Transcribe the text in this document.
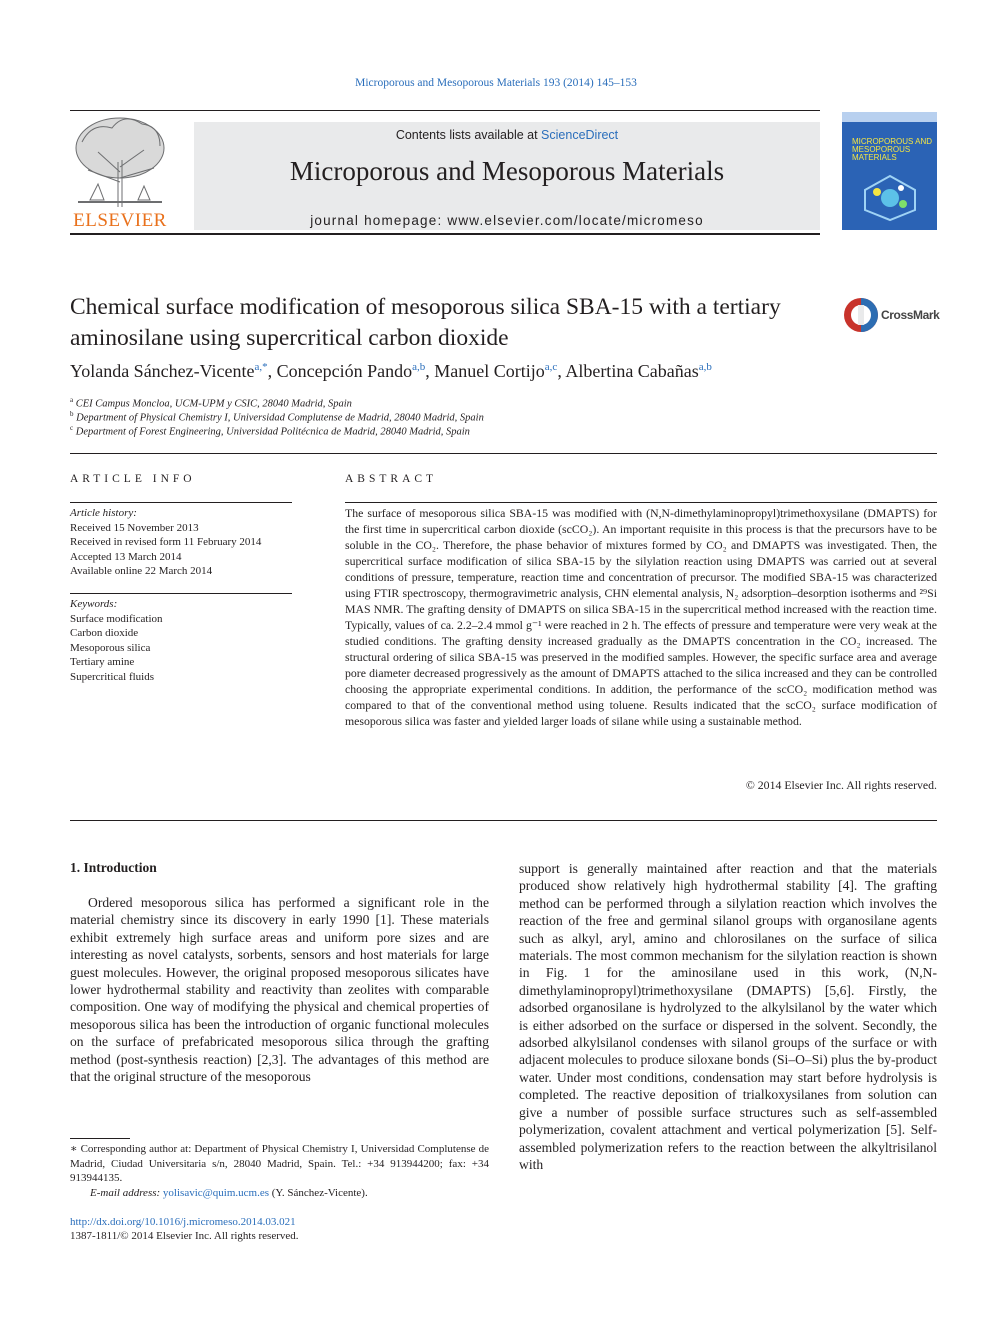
Microporous and Mesoporous Materials 193 (2014) 145–153
ELSEVIER
Contents lists available at ScienceDirect
Microporous and Mesoporous Materials
journal homepage: www.elsevier.com/locate/micromeso
MICROPOROUS AND MESOPOROUS MATERIALS
Chemical surface modification of mesoporous silica SBA-15 with a tertiary aminosilane using supercritical carbon dioxide
CrossMark
Yolanda Sánchez-Vicente$^{a,*}$, Concepción Pando$^{a,b}$, Manuel Cortijo$^{a,c}$, Albertina Cabañas$^{a,b}$
$^a$ CEI Campus Moncloa, UCM-UPM y CSIC, 28040 Madrid, Spain
$^b$ Department of Physical Chemistry I, Universidad Complutense de Madrid, 28040 Madrid, Spain
$^c$ Department of Forest Engineering, Universidad Politécnica de Madrid, 28040 Madrid, Spain
ARTICLE INFO
Article history:
Received 15 November 2013
Received in revised form 11 February 2014
Accepted 13 March 2014
Available online 22 March 2014
Keywords:
Surface modification
Carbon dioxide
Mesoporous silica
Tertiary amine
Supercritical fluids
ABSTRACT
The surface of mesoporous silica SBA-15 was modified with (N,N-dimethylaminopropyl)trimethoxysilane (DMAPTS) for the first time in supercritical carbon dioxide (scCO₂). An important requisite in this process is that the precursors have to be soluble in the CO₂. Therefore, the phase behavior of mixtures formed by CO₂ and DMAPTS was investigated. Then, the supercritical surface modification of silica SBA-15 by the silylation reaction using DMAPTS was carried out at several conditions of pressure, temperature, reaction time and concentration of precursor. The modified SBA-15 was characterized using FTIR spectroscopy, thermogravimetric analysis, CHN elemental analysis, N₂ adsorption–desorption isotherms and ²⁹Si MAS NMR. The grafting density of DMAPTS on silica SBA-15 in the supercritical method increased with the reaction time. Typically, values of ca. 2.2–2.4 mmol g⁻¹ were reached in 2 h. The effects of pressure and temperature were very weak at the studied conditions. The grafting density increased gradually as the DMAPTS concentration in the CO₂ increased. The structural ordering of silica SBA-15 was preserved in the modified samples. However, the specific surface area and average pore diameter decreased progressively as the amount of DMAPTS attached to the silica increased and they can be controlled choosing the appropriate experimental conditions. In addition, the performance of the scCO₂ modification method was compared to that of the conventional method using toluene. Results indicated that the scCO₂ surface modification of mesoporous silica was faster and yielded larger loads of silane while using a sustainable method.
© 2014 Elsevier Inc. All rights reserved.
1. Introduction

Ordered mesoporous silica has performed a significant role in the material chemistry since its discovery in early 1990 [1]. These materials exhibit extremely high surface areas and uniform pore sizes and are interesting as novel catalysts, sorbents, sensors and host materials for large guest molecules. However, the original proposed mesoporous silicates have lower hydrothermal stability and reactivity than zeolites with comparable composition. One way of modifying the physical and chemical properties of mesoporous silica has been the introduction of organic functional molecules on the surface of prefabricated mesoporous silica through the grafting method (post-synthesis reaction) [2,3]. The advantages of this method are that the original structure of the mesoporous

support is generally maintained after reaction and that the materials produced show relatively high hydrothermal stability [4]. The grafting method can be performed through a silylation reaction which involves the reaction of the free and germinal silanol groups with organosilane agents such as alkyl, aryl, amino and chlorosilanes on the surface of silica materials. The most common mechanism for the silylation reaction is shown in Fig. 1 for the aminosilane used in this work, (N,N-dimethylaminopropyl)trimethoxysilane (DMAPTS) [5,6]. Firstly, the adsorbed organosilane is hydrolyzed to the alkylsilanol by the water which is either adsorbed on the surface or dispersed in the solvent. Secondly, the adsorbed alkylsilanol condenses with silanol groups of the surface or with adjacent molecules to produce siloxane bonds (Si–O–Si) plus the by-product water. Under most conditions, condensation may start before hydrolysis is completed. The reactive deposition of trialkoxysilanes from solution can give a number of possible surface structures such as self-assembled polymerization, covalent attachment and vertical polymerization [5]. Self-assembled polymerization refers to the reaction between the alkyltrisilanol with

∗ Corresponding author at: Department of Physical Chemistry I, Universidad Complutense de Madrid, Ciudad Universitaria s/n, 28040 Madrid, Spain. Tel.: +34 913944200; fax: +34 913944135.

E-mail address: yolisavic@quim.ucm.es (Y. Sánchez-Vicente).

http://dx.doi.org/10.1016/j.micromeso.2014.03.021
1387-1811/© 2014 Elsevier Inc. All rights reserved.
